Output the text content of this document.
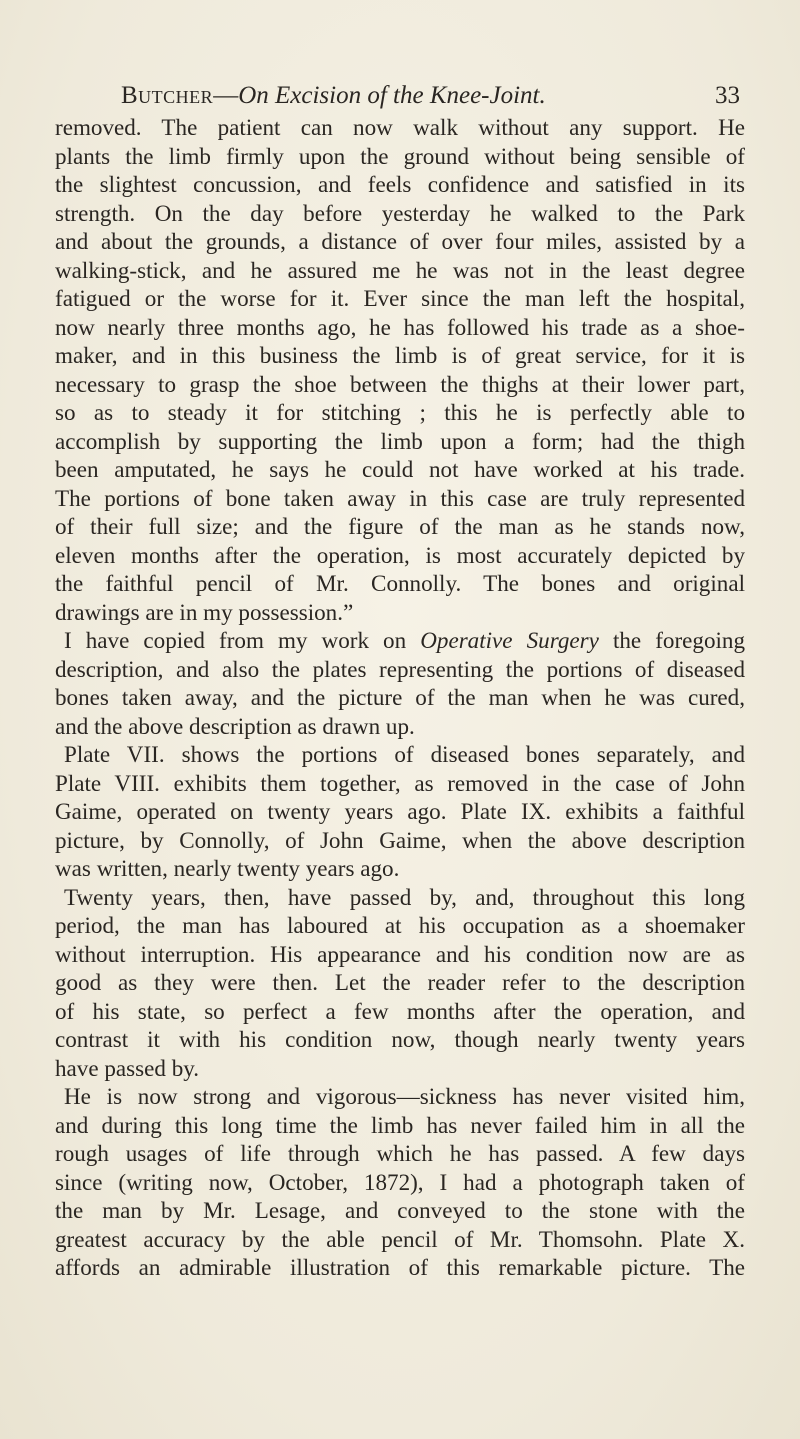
Butcher—On Excision of the Knee-Joint.	33
removed. The patient can now walk without any support. He
plants the limb firmly upon the ground without being sensible of
the slightest concussion, and feels confidence and satisfied in its
strength. On the day before yesterday he walked to the Park
and about the grounds, a distance of over four miles, assisted by a
walking-stick, and he assured me he was not in the least degree
fatigued or the worse for it. Ever since the man left the hospital,
now nearly three months ago, he has followed his trade as a shoe-
maker, and in this business the limb is of great service, for it is
necessary to grasp the shoe between the thighs at their lower part,
so as to steady it for stitching ; this he is perfectly able to
accomplish by supporting the limb upon a form; had the thigh
been amputated, he says he could not have worked at his trade.
The portions of bone taken away in this case are truly represented
of their full size; and the figure of the man as he stands now,
eleven months after the operation, is most accurately depicted by
the faithful pencil of Mr. Connolly. The bones and original
drawings are in my possession.”
I have copied from my work on Operative Surgery the foregoing
description, and also the plates representing the portions of diseased
bones taken away, and the picture of the man when he was cured,
and the above description as drawn up.
Plate VII. shows the portions of diseased bones separately, and
Plate VIII. exhibits them together, as removed in the case of John
Gaime, operated on twenty years ago. Plate IX. exhibits a faithful
picture, by Connolly, of John Gaime, when the above description
was written, nearly twenty years ago.
Twenty years, then, have passed by, and, throughout this long
period, the man has laboured at his occupation as a shoemaker
without interruption. His appearance and his condition now are as
good as they were then. Let the reader refer to the description
of his state, so perfect a few months after the operation, and
contrast it with his condition now, though nearly twenty years
have passed by.
He is now strong and vigorous—sickness has never visited him,
and during this long time the limb has never failed him in all the
rough usages of life through which he has passed. A few days
since (writing now, October, 1872), I had a photograph taken of
the man by Mr. Lesage, and conveyed to the stone with the
greatest accuracy by the able pencil of Mr. Thomsohn. Plate X.
affords an admirable illustration of this remarkable picture. The
